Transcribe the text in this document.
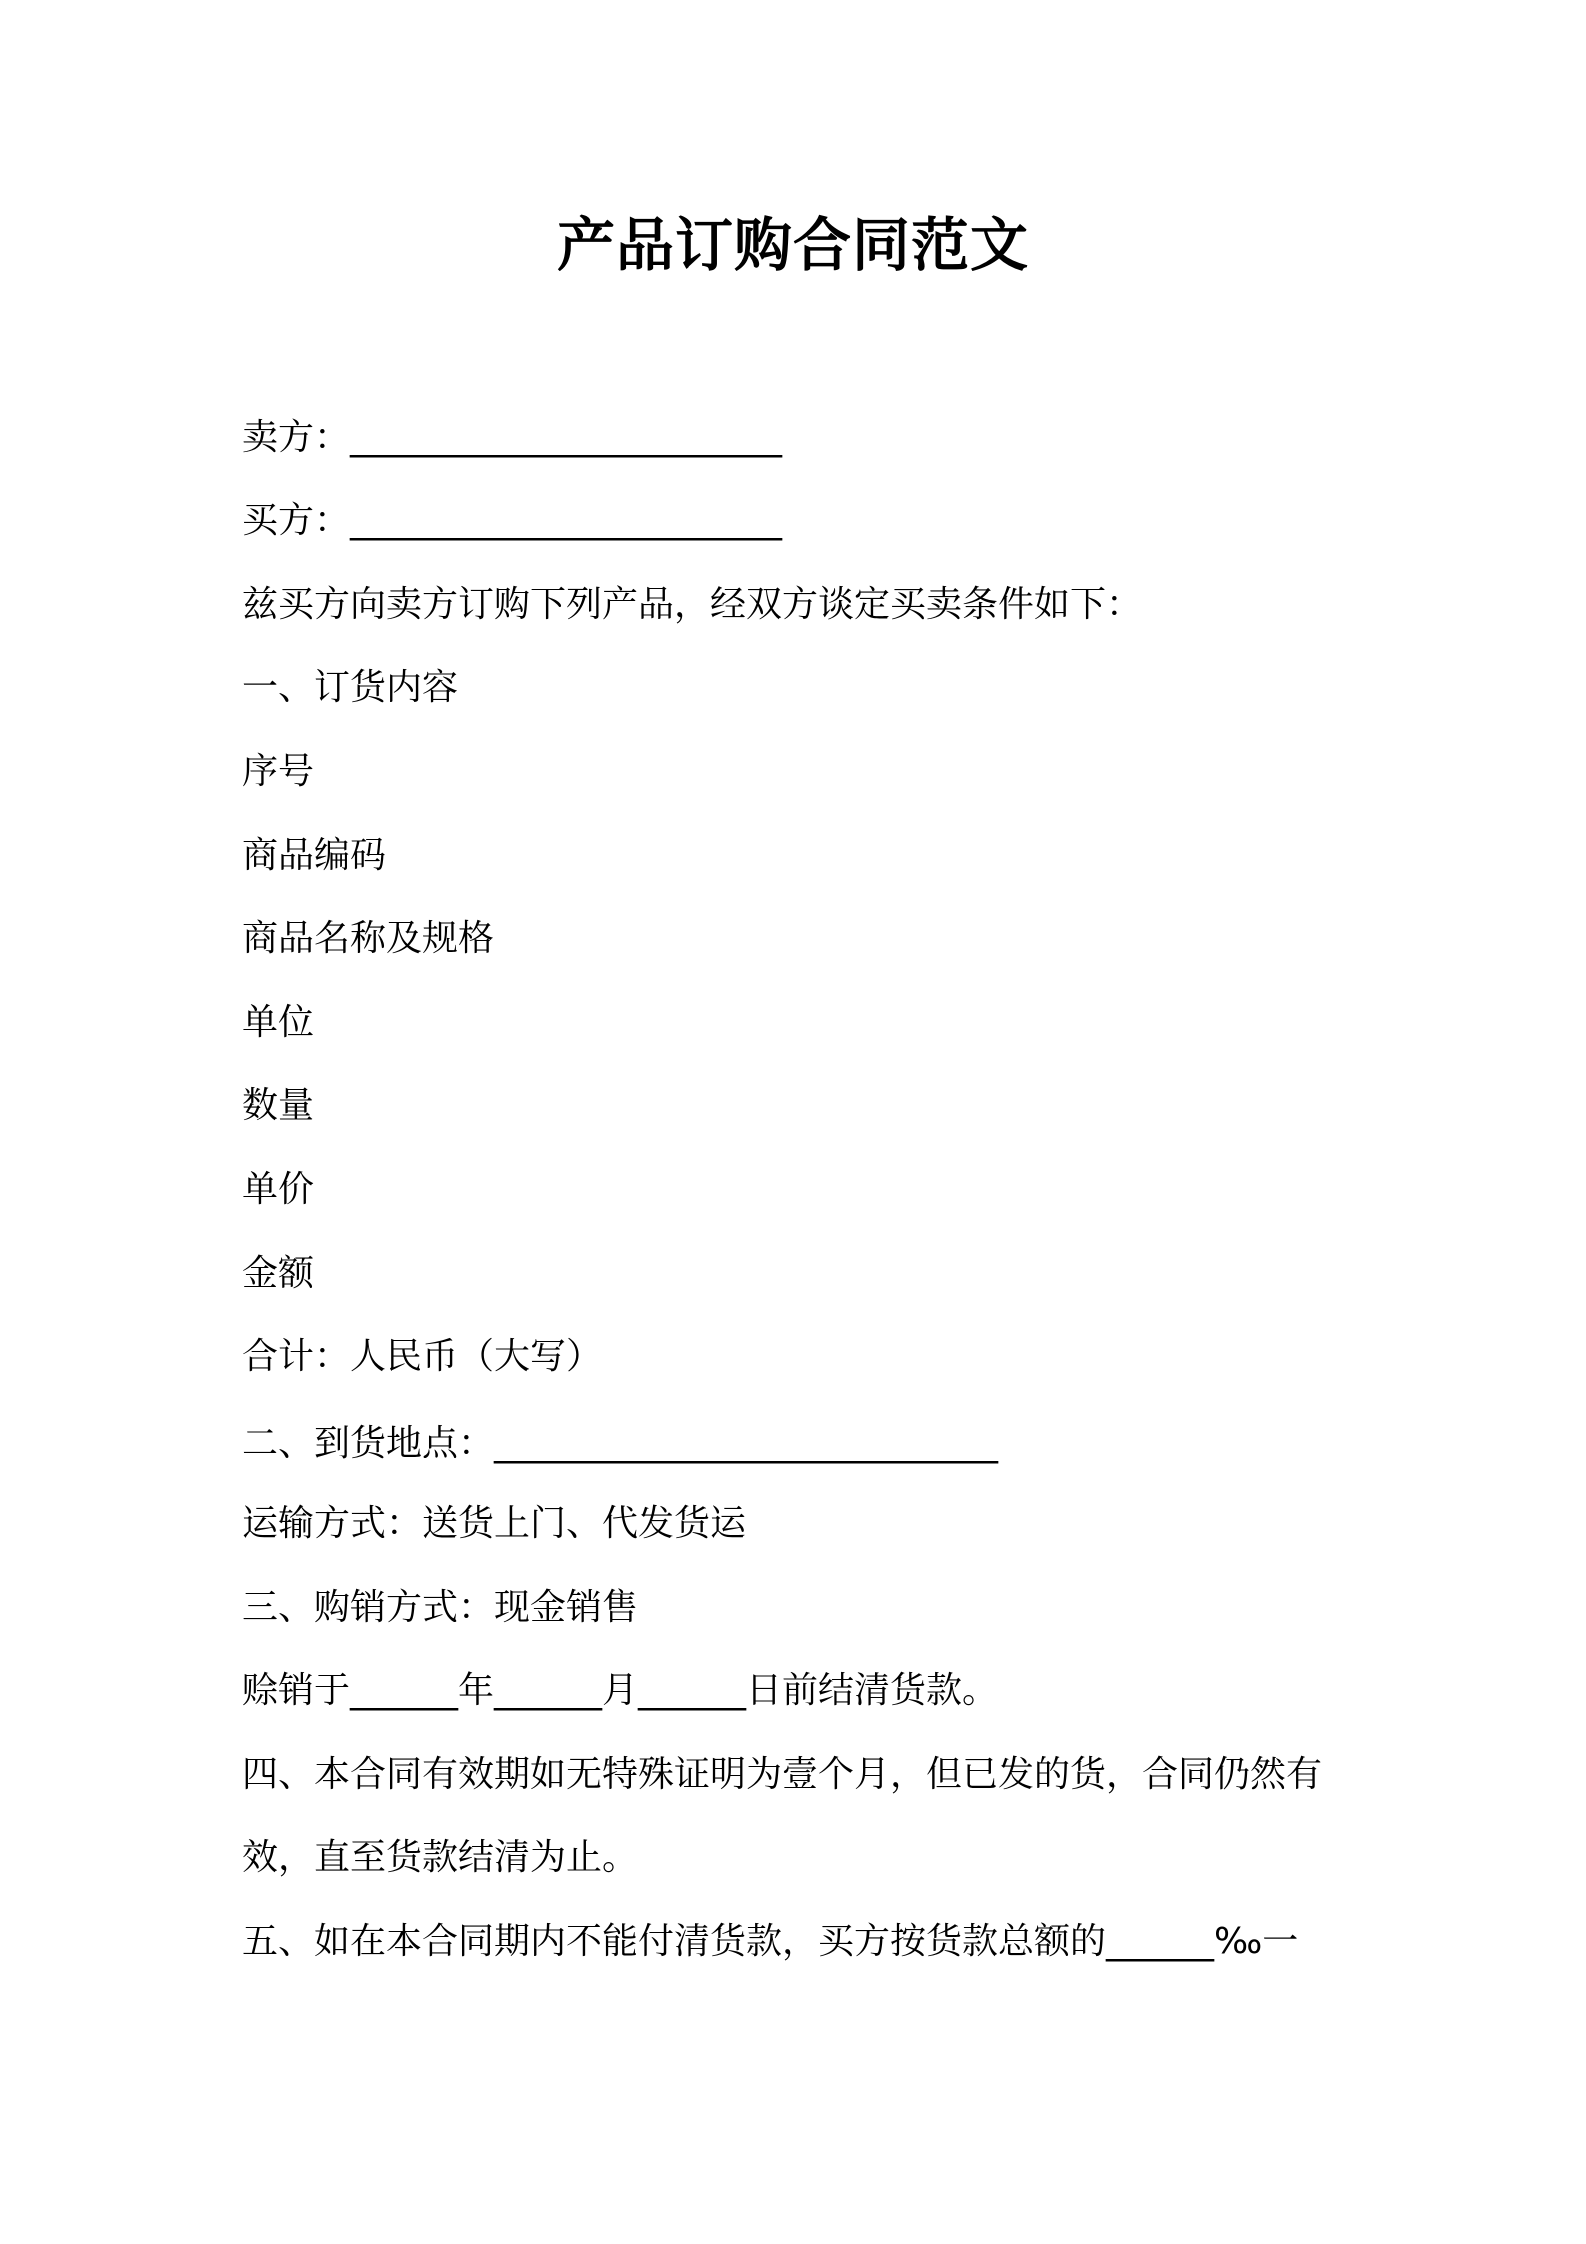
产品订购合同范文
卖方：________________________
买方：________________________
兹买方向卖方订购下列产品，经双方谈定买卖条件如下：
一、订货内容
序号
商品编码
商品名称及规格
单位
数量
单价
金额
合计：人民币（大写）
二、到货地点：____________________________
运输方式：送货上门、代发货运
三、购销方式：现金销售
赊销于______年______月______日前结清货款。
四、本合同有效期如无特殊证明为壹个月，但已发的货，合同仍然有
效，直至货款结清为止。
五、如在本合同期内不能付清货款，买方按货款总额的______‰一
